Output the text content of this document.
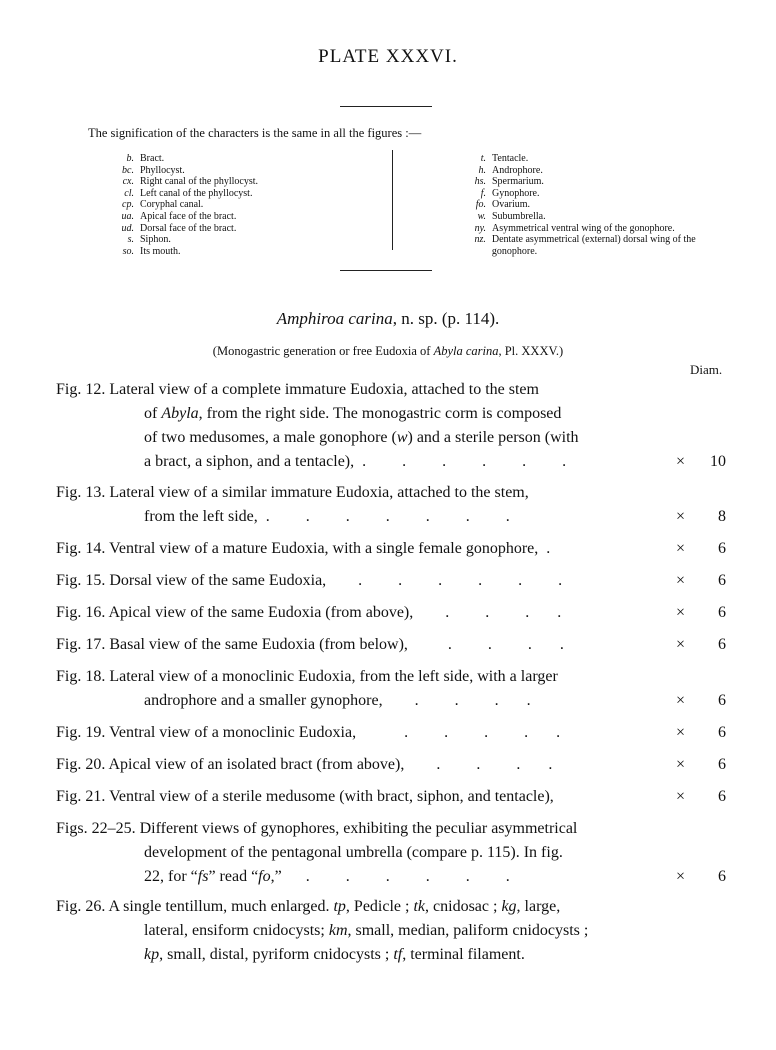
PLATE XXXVI.
The signification of the characters is the same in all the figures :—
b. Bract.
bc. Phyllocyst.
cx. Right canal of the phyllocyst.
cl. Left canal of the phyllocyst.
cp. Coryphal canal.
ua. Apical face of the bract.
ud. Dorsal face of the bract.
s. Siphon.
so. Its mouth.
t. Tentacle.
h. Androphore.
hs. Spermarium.
f. Gynophore.
fo. Ovarium.
w. Subumbrella.
ny. Asymmetrical ventral wing of the gonophore.
nz. Dentate asymmetrical (external) dorsal wing of the gonophore.
Amphiroa carina, n. sp. (p. 114).
(Monogastric generation or free Eudoxia of Abyla carina, Pl. XXXV.)
Diam.
Fig. 12. Lateral view of a complete immature Eudoxia, attached to the stem
of Abyla, from the right side. The monogastric corm is composed
of two medusomes, a male gonophore (w) and a sterile person (with
a bract, a siphon, and a tentacle),  .         .         .         .         .         .	× 10
Fig. 13. Lateral view of a similar immature Eudoxia, attached to the stem,
from the left side,  .         .         .         .         .         .         .	× 8
Fig. 14. Ventral view of a mature Eudoxia, with a single female gonophore,  .	× 6
Fig. 15. Dorsal view of the same Eudoxia,        .         .         .         .         .         .	× 6
Fig. 16. Apical view of the same Eudoxia (from above),        .         .         .       .	× 6
Fig. 17. Basal view of the same Eudoxia (from below),          .         .         .       .	× 6
Fig. 18. Lateral view of a monoclinic Eudoxia, from the left side, with a larger
androphore and a smaller gynophore,        .         .         .       .	× 6
Fig. 19. Ventral view of a monoclinic Eudoxia,            .         .         .         .       .	× 6
Fig. 20. Apical view of an isolated bract (from above),        .         .         .       .	× 6
Fig. 21. Ventral view of a sterile medusome (with bract, siphon, and tentacle),	× 6
Figs. 22–25. Different views of gynophores, exhibiting the peculiar asymmetrical
development of the pentagonal umbrella (compare p. 115). In fig.
22, for “fs” read “fo,”      .         .         .         .         .         .	× 6
Fig. 26. A single tentillum, much enlarged. tp, Pedicle ; tk, cnidosac ; kg, large,
lateral, ensiform cnidocysts; km, small, median, paliform cnidocysts ;
kp, small, distal, pyriform cnidocysts ; tf, terminal filament.
